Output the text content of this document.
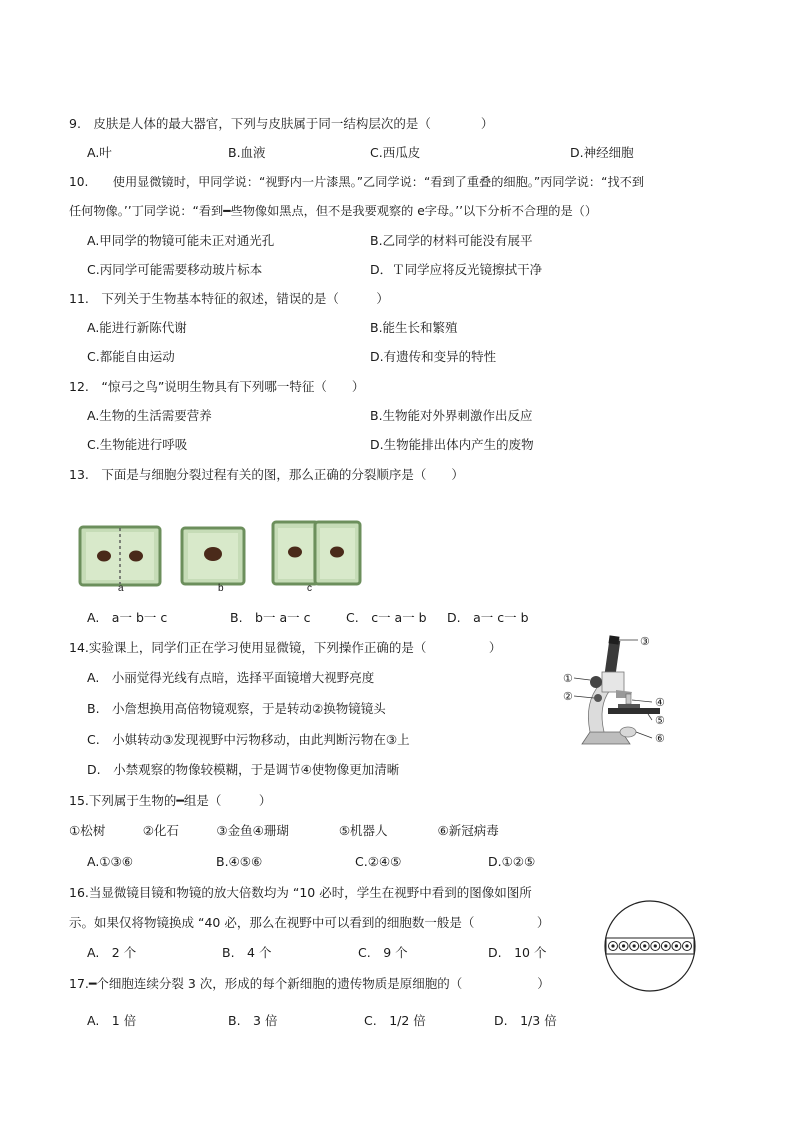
9.　皮肤是人体的最大器官，下列与皮肤属于同一结构层次的是（　　　　）
A.叶	B.血液	C.西瓜皮	D.神经细胞
10.　　使用显微镜时，甲同学说：“视野内一片漆黑。”乙同学说：“看到了重叠的细胞。”丙同学说：“找不到
任何物像。’’丁同学说：“看到━些物像如黑点，但不是我要观察的 e字母。’’以下分析不合理的是（）
A.甲同学的物镜可能未正对通光孔	B.乙同学的材料可能没有展平
C.丙同学可能需要移动玻片标本	D．Ｔ同学应将反光镜擦拭干净
11.　下列关于生物基本特征的叙述，错误的是（　　　）
A.能进行新陈代谢	B.能生长和繁殖
C.都能自由运动	D.有遗传和变异的特性
12.　“惊弓之鸟”说明生物具有下列哪一特征（　　）
A.生物的生活需要营养	B.生物能对外界刺激作出反应
C.生物能进行呼吸	D.生物能排出体内产生的废物
13.　下面是与细胞分裂过程有关的图，那么正确的分裂顺序是（　　）
a	b	c
A.　a一 b一 c	B.　b一 a一 c	C.　c一 a一 b D.　a一 c一 b
14.实验课上，同学们正在学习使用显微镜，下列操作正确的是（　　　　　）
A.　小丽觉得光线有点暗，选择平面镜增大视野亮度
B.　小詹想换用高倍物镜观察，于是转动②换物镜镜头
C.　小娸转动③发现视野中污物移动，由此判断污物在③上
D.　小禁观察的物像较模糊，于是调节④使物像更加清晰
③
①
②	④
⑤
⑥
15.下列属于生物的━组是（　　　）
①松树　　　②化石　　　③金鱼④珊瑚　　　　⑤机器人　　　　⑥新冠病毒
A.①③⑥	B.④⑤⑥	C.②④⑤	D.①②⑤
16.当显微镜目镜和物镜的放大倍数均为 “10 必时，学生在视野中看到的图像如图所
示。如果仅将物镜换成 “40 必，那么在视野中可以看到的细胞数一般是（　　　　　）
A.　2 个	B.　4 个	C.　9 个	D.　10 个
17.━个细胞连续分裂 3 次，形成的每个新细胞的遗传物质是原细胞的（　　　　　　）
A.　1 倍	B.　3 倍	C.　1/2 倍	D.　1/3 倍
